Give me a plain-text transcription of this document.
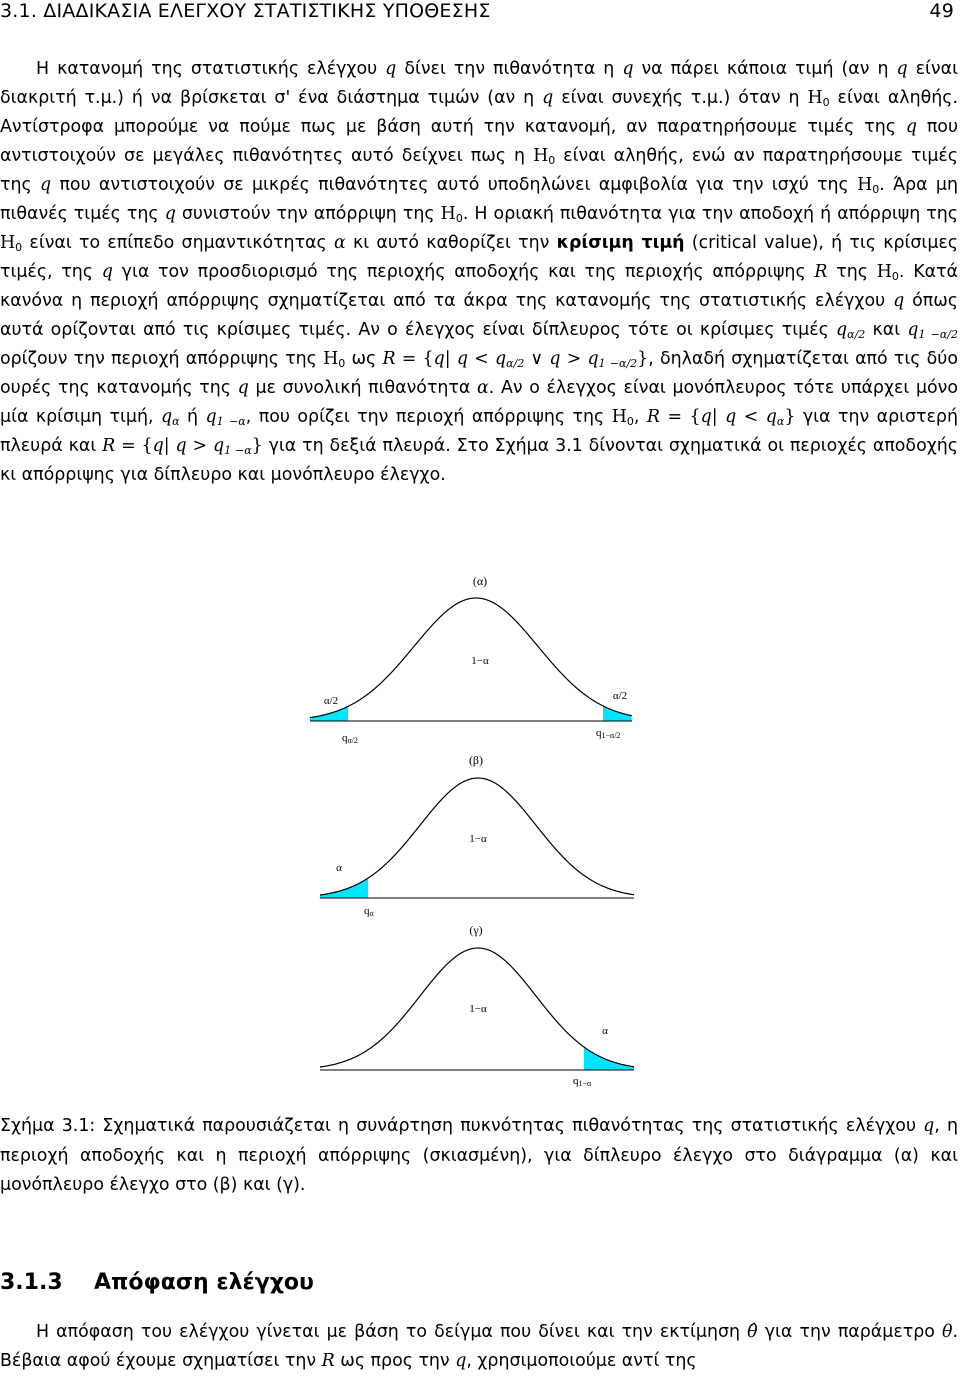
3.1. ΔΙΑΔΙΚΑΣΙΑ ΕΛΕΓΧΟΥ ΣΤΑΤΙΣΤΙΚΗΣ ΥΠΟΘΕΣΗΣ	49

Η κατανομή της στατιστικής ελέγχου q δίνει την πιθανότητα η q να πάρει κάποια τιμή (αν η q είναι διακριτή τ.μ.) ή να βρίσκεται σ' ένα διάστημα τιμών (αν η q είναι συνεχής τ.μ.) όταν η $H_0$ είναι αληθής. Αντίστροφα μπορούμε να πούμε πως με βάση αυτή την κατανομή, αν παρατηρήσουμε τιμές της q που αντιστοιχούν σε μεγάλες πιθανότητες αυτό δείχνει πως η $H_0$ είναι αληθής, ενώ αν παρατηρήσουμε τιμές της q που αντιστοιχούν σε μικρές πιθανότητες αυτό υποδηλώνει αμφιβολία για την ισχύ της $H_0$. Άρα μη πιθανές τιμές της q συνιστούν την απόρριψη της $H_0$. Η οριακή πιθανότητα για την αποδοχή ή απόρριψη της $H_0$ είναι το επίπεδο σημαντικότητας α κι αυτό καθορίζει την κρίσιμη τιμή (critical value), ή τις κρίσιμες τιμές, της q για τον προσδιορισμό της περιοχής αποδοχής και της περιοχής απόρριψης R της $H_0$. Κατά κανόνα η περιοχή απόρριψης σχηματίζεται από τα άκρα της κατανομής της στατιστικής ελέγχου q όπως αυτά ορίζονται από τις κρίσιμες τιμές. Αν ο έλεγχος είναι δίπλευρος τότε οι κρίσιμες τιμές $q_{\alpha/2}$ και $q_{1 -\alpha/2}$ ορίζουν την περιοχή απόρριψης της $H_0$ ως R = {q| $q < q_{\alpha/2}$ ∨ $q > q_{1 -\alpha/2}$}, δηλαδή σχηματίζεται από τις δύο ουρές της κατανομής της q με συνολική πιθανότητα α. Αν ο έλεγχος είναι μονόπλευρος τότε υπάρχει μόνο μία κρίσιμη τιμή, $q_\alpha$ ή $q_{1 -\alpha}$, που ορίζει την περιοχή απόρριψης της $H_0$, R = {q| $q < q_\alpha$} για την αριστερή πλευρά και R = {q| $q > q_{1 -\alpha}$} για τη δεξιά πλευρά. Στο Σχήμα 3.1 δίνονται σχηματικά οι περιοχές αποδοχής κι απόρριψης για δίπλευρο και μονόπλευρο έλεγχο.

(α)
1−α
α/2	α/2
qα/2
q1−α/2
(β)
1−α
α
qα
(γ)
1−α
α
q1−α

Σχήμα 3.1: Σχηματικά παρουσιάζεται η συνάρτηση πυκνότητας πιθανότητας της στατιστικής ελέγχου q, η περιοχή αποδοχής και η περιοχή απόρριψης (σκιασμένη), για δίπλευρο έλεγχο στο διάγραμμα (α) και μονόπλευρο έλεγχο στο (β) και (γ).

3.1.3 Απόφαση ελέγχου

Η απόφαση του ελέγχου γίνεται με βάση το δείγμα που δίνει και την εκτίμηση θ̂ για την παράμετρο θ. Βέβαια αφού έχουμε σχηματίσει την R ως προς την q, χρησιμοποιούμε αντί της
